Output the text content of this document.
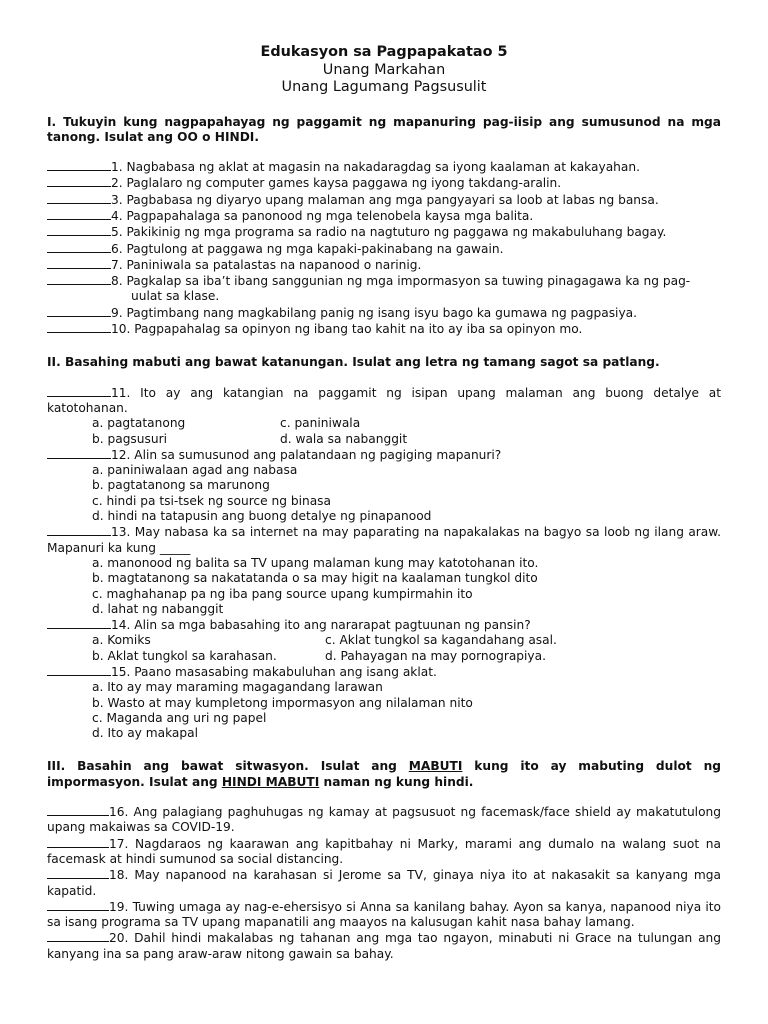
Edukasyon sa Pagpapakatao 5
Unang Markahan
Unang Lagumang Pagsusulit

I. Tukuyin kung nagpapahayag ng paggamit ng mapanuring pag-iisip ang sumusunod na mga tanong. Isulat ang OO o HINDI.

1. Nagbabasa ng aklat at magasin na nakadaragdag sa iyong kaalaman at kakayahan.
2. Paglalaro ng computer games kaysa paggawa ng iyong takdang-aralin.
3. Pagbabasa ng diyaryo upang malaman ang mga pangyayari sa loob at labas ng bansa.
4. Pagpapahalaga sa panonood ng mga telenobela kaysa mga balita.
5. Pakikinig ng mga programa sa radio na nagtuturo ng paggawa ng makabuluhang bagay.
6. Pagtulong at paggawa ng mga kapaki-pakinabang na gawain.
7. Paniniwala sa patalastas na napanood o narinig.
8. Pagkalap sa iba’t ibang sanggunian ng mga impormasyon sa tuwing pinagagawa ka ng pag-
uulat sa klase.
9. Pagtimbang nang magkabilang panig ng isang isyu bago ka gumawa ng pagpasiya.
10. Pagpapahalag sa opinyon ng ibang tao kahit na ito ay iba sa opinyon mo.

II. Basahing mabuti ang bawat katanungan. Isulat ang letra ng tamang sagot sa patlang.

11. Ito ay ang katangian na paggamit ng isipan upang malaman ang buong detalye at katotohanan.
a. pagtatanong	c. paniniwala
b. pagsusuri	d. wala sa nabanggit
12. Alin sa sumusunod ang palatandaan ng pagiging mapanuri?
a. paniniwalaan agad ang nabasa
b. pagtatanong sa marunong
c. hindi pa tsi-tsek ng source ng binasa
d. hindi na tatapusin ang buong detalye ng pinapanood
13. May nabasa ka sa internet na may paparating na napakalakas na bagyo sa loob ng ilang araw. Mapanuri ka kung _____
a. manonood ng balita sa TV upang malaman kung may katotohanan ito.
b. magtatanong sa nakatatanda o sa may higit na kaalaman tungkol dito
c. maghahanap pa ng iba pang source upang kumpirmahin ito
d. lahat ng nabanggit
14. Alin sa mga babasahing ito ang nararapat pagtuunan ng pansin?
a. Komiks	c. Aklat tungkol sa kagandahang asal.
b. Aklat tungkol sa karahasan.	d. Pahayagan na may pornograpiya.
15. Paano masasabing makabuluhan ang isang aklat.
a. Ito ay may maraming magagandang larawan
b. Wasto at may kumpletong impormasyon ang nilalaman nito
c. Maganda ang uri ng papel
d. Ito ay makapal

III. Basahin ang bawat sitwasyon. Isulat ang MABUTI kung ito ay mabuting dulot ng impormasyon. Isulat ang HINDI MABUTI naman ng kung hindi.

16. Ang palagiang paghuhugas ng kamay at pagsusuot ng facemask/face shield ay makatutulong upang makaiwas sa COVID-19.
17. Nagdaraos ng kaarawan ang kapitbahay ni Marky, marami ang dumalo na walang suot na facemask at hindi sumunod sa social distancing.
18. May napanood na karahasan si Jerome sa TV, ginaya niya ito at nakasakit sa kanyang mga kapatid.
19. Tuwing umaga ay nag-e-ehersisyo si Anna sa kanilang bahay. Ayon sa kanya, napanood niya ito sa isang programa sa TV upang mapanatili ang maayos na kalusugan kahit nasa bahay lamang.
20. Dahil hindi makalabas ng tahanan ang mga tao ngayon, minabuti ni Grace na tulungan ang kanyang ina sa pang araw-araw nitong gawain sa bahay.
